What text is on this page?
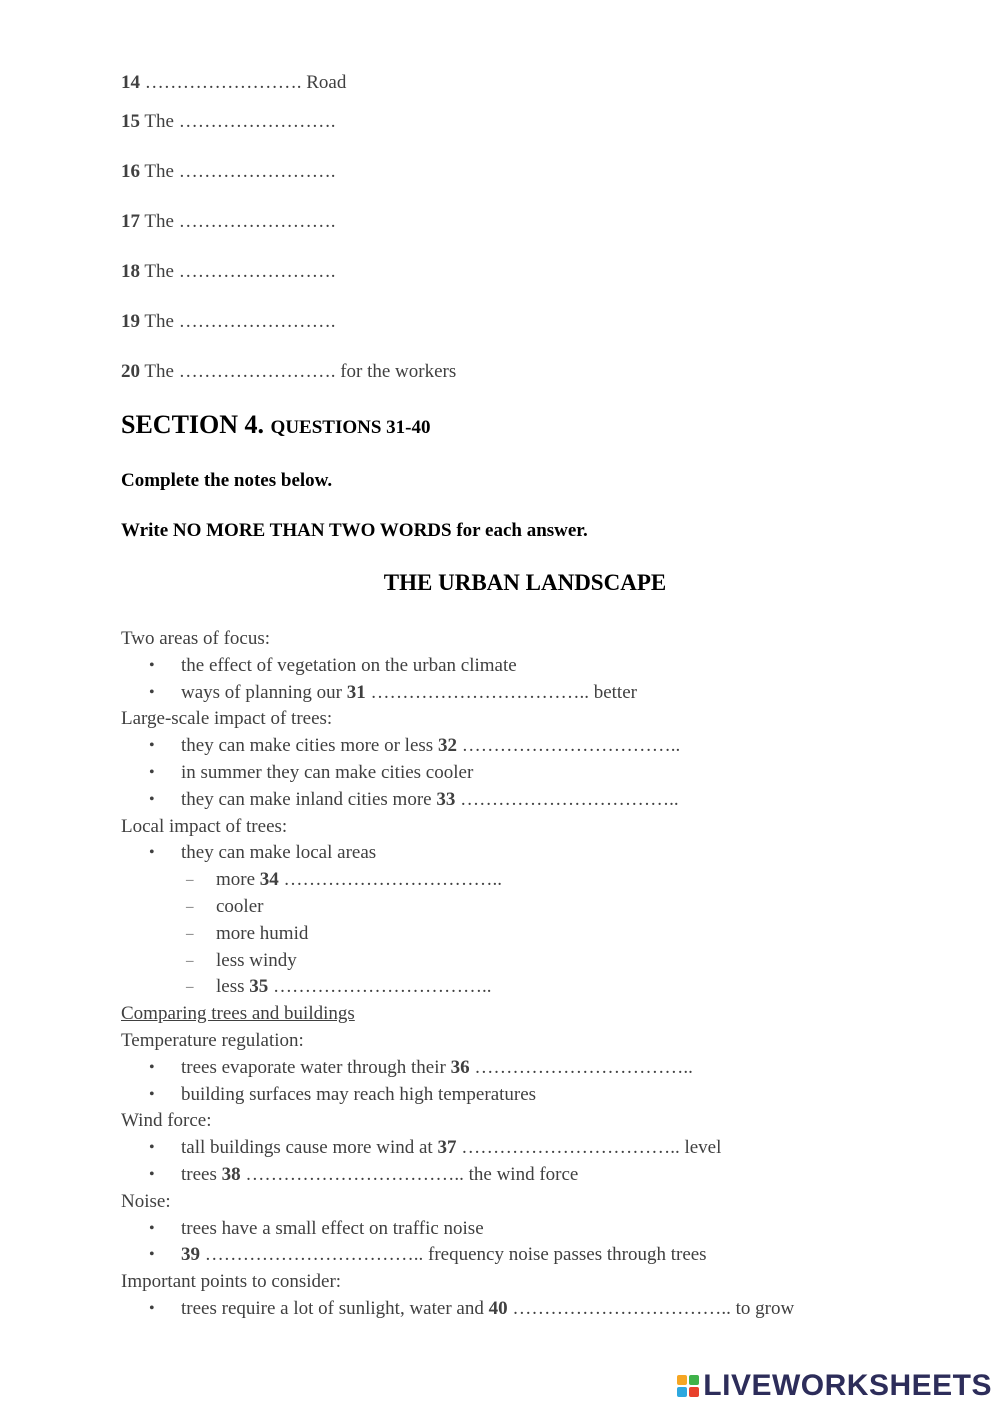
14 ……………………. Road
15 The …………………….
16 The …………………….
17 The …………………….
18 The …………………….
19 The …………………….
20 The ……………………. for the workers
SECTION 4. QUESTIONS 31-40
Complete the notes below.
Write NO MORE THAN TWO WORDS for each answer.
THE URBAN LANDSCAPE
Two areas of focus:
• the effect of vegetation on the urban climate
• ways of planning our 31 …………………………….. better
Large-scale impact of trees:
• they can make cities more or less 32 ……………………………..
• in summer they can make cities cooler
• they can make inland cities more 33 ……………………………..
Local impact of trees:
• they can make local areas
– more 34 ……………………………..
– cooler
– more humid
– less windy
– less 35 ……………………………..
Comparing trees and buildings
Temperature regulation:
• trees evaporate water through their 36 ……………………………..
• building surfaces may reach high temperatures
Wind force:
• tall buildings cause more wind at 37 …………………………….. level
• trees 38 …………………………….. the wind force
Noise:
• trees have a small effect on traffic noise
• 39 …………………………….. frequency noise passes through trees
Important points to consider:
• trees require a lot of sunlight, water and 40 …………………………….. to grow
LIVEWORKSHEETS
